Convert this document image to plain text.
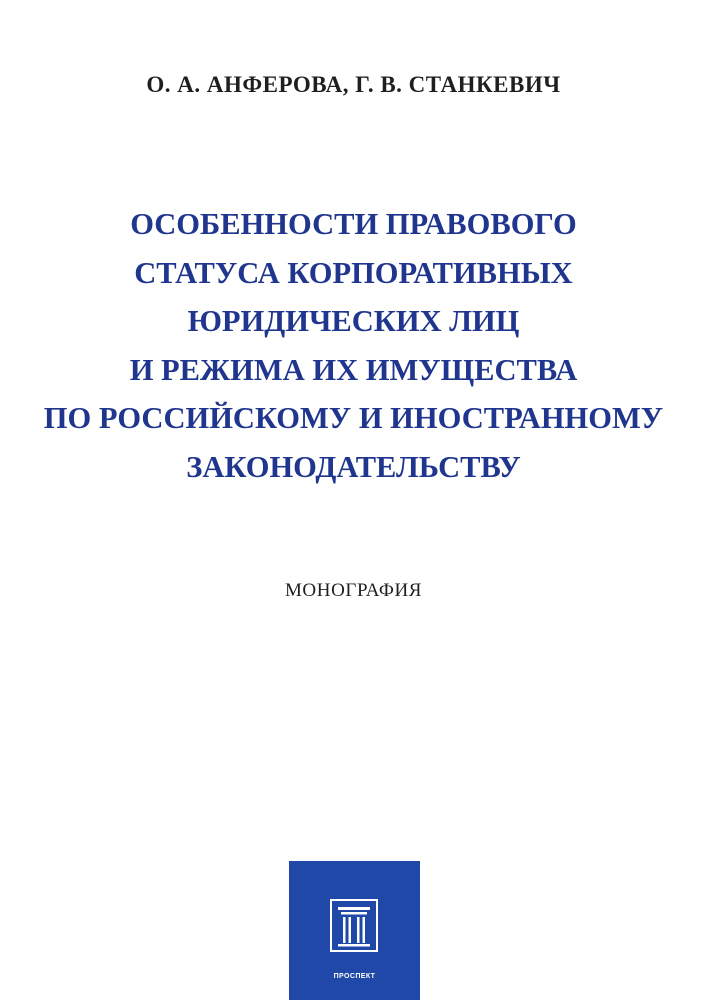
О. А. АНФЕРОВА, Г. В. СТАНКЕВИЧ
ОСОБЕННОСТИ ПРАВОВОГО
СТАТУСА КОРПОРАТИВНЫХ
ЮРИДИЧЕСКИХ ЛИЦ
И РЕЖИМА ИХ ИМУЩЕСТВА
ПО РОССИЙСКОМУ И ИНОСТРАННОМУ
ЗАКОНОДАТЕЛЬСТВУ
МОНОГРАФИЯ
ПРОСПЕКТ
